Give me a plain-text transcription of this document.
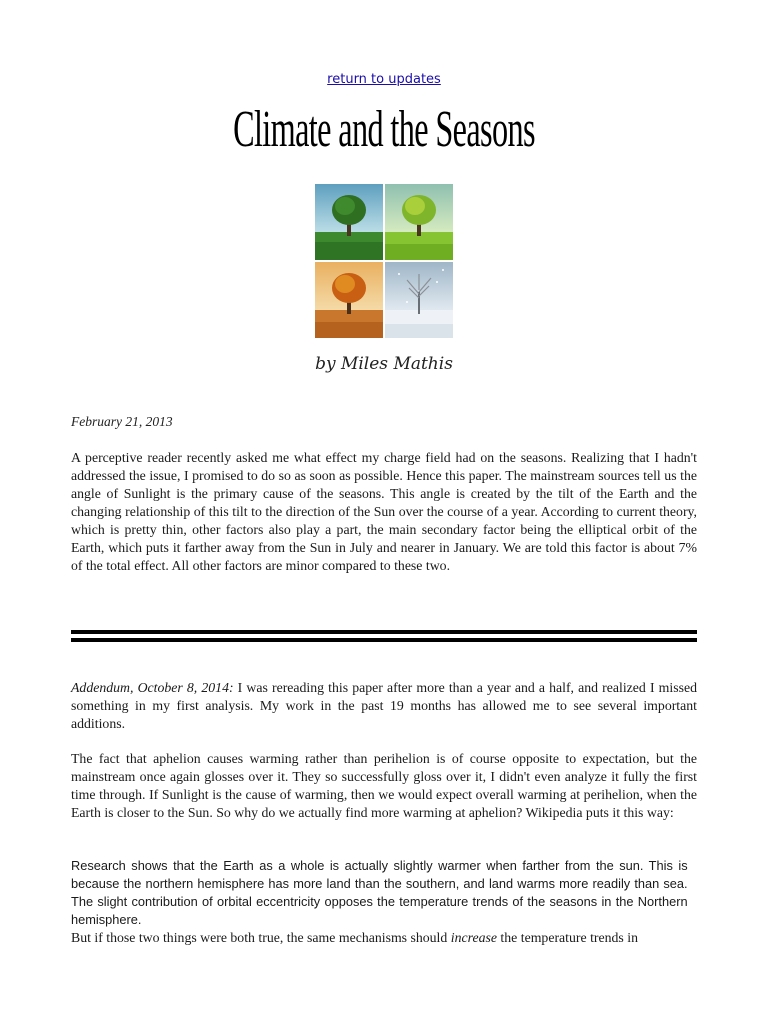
return to updates
Climate and the Seasons
by Miles Mathis
February 21, 2013

A perceptive reader recently asked me what effect my charge field had on the seasons. Realizing that I hadn't addressed the issue, I promised to do so as soon as possible. Hence this paper. The mainstream sources tell us the angle of Sunlight is the primary cause of the seasons. This angle is created by the tilt of the Earth and the changing relationship of this tilt to the direction of the Sun over the course of a year. According to current theory, which is pretty thin, other factors also play a part, the main secondary factor being the elliptical orbit of the Earth, which puts it farther away from the Sun in July and nearer in January. We are told this factor is about 7% of the total effect. All other factors are minor compared to these two.

Addendum, October 8, 2014: I was rereading this paper after more than a year and a half, and realized I missed something in my first analysis. My work in the past 19 months has allowed me to see several important additions.

The fact that aphelion causes warming rather than perihelion is of course opposite to expectation, but the mainstream once again glosses over it. They so successfully gloss over it, I didn't even analyze it fully the first time through. If Sunlight is the cause of warming, then we would expect overall warming at perihelion, when the Earth is closer to the Sun. So why do we actually find more warming at aphelion? Wikipedia puts it this way:

Research shows that the Earth as a whole is actually slightly warmer when farther from the sun. This is because the northern hemisphere has more land than the southern, and land warms more readily than sea. The slight contribution of orbital eccentricity opposes the temperature trends of the seasons in the Northern hemisphere.

But if those two things were both true, the same mechanisms should increase the temperature trends in
